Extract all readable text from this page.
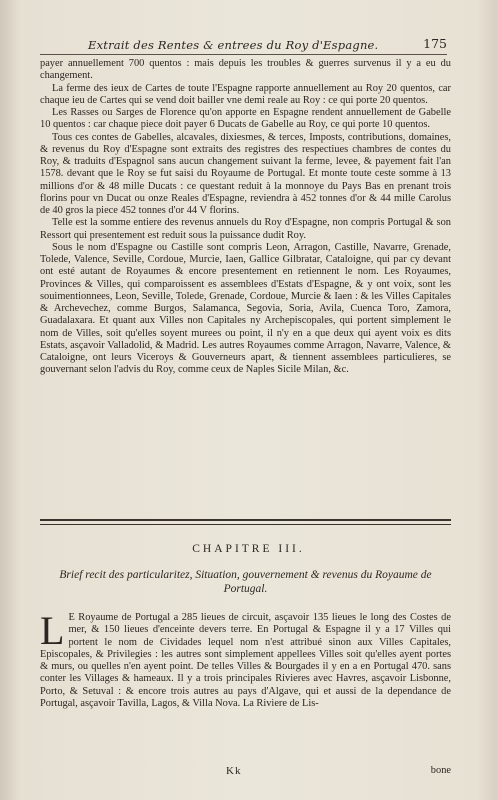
Extrait des Rentes & entrees du Roy d'Espagne.	175

payer annuellement 700 quentos : mais depuis les troubles & guerres survenus il y a eu du changement.

La ferme des ieux de Cartes de toute l'Espagne rapporte annuellement au Roy 20 quentos, car chaque ieu de Cartes qui se vend doit bailler vne demi reale au Roy : ce qui porte 20 quentos.

Les Rasses ou Sarges de Florence qu'on apporte en Espagne rendent annuellement de Gabelle 10 quentos : car chaque piece doit payer 6 Ducats de Gabelle au Roy, ce qui porte 10 quentos.

Tous ces contes de Gabelles, alcavales, dixiesmes, & terces, Imposts, contributions, domaines, & revenus du Roy d'Espagne sont extraits des registres des respectiues chambres de contes du Roy, & traduits d'Espagnol sans aucun changement suivant la ferme, levee, & payement fait l'an 1578. devant que le Roy se fut saisi du Royaume de Portugal. Et monte toute ceste somme à 13 millions d'or & 48 mille Ducats : ce questant reduit à la monnoye du Pays Bas en prenant trois florins pour vn Ducat ou onze Reales d'Espagne, reviendra à 452 tonnes d'or & 44 mille Carolus de 40 gros la piece 452 tonnes d'or 44 V florins.

Telle est la somme entiere des revenus annuels du Roy d'Espagne, non compris Portugal & son Ressort qui presentement est reduit sous la puissance dudit Roy.

Sous le nom d'Espagne ou Castille sont compris Leon, Arragon, Castille, Navarre, Grenade, Tolede, Valence, Seville, Cordoue, Murcie, Iaen, Gallice Gilbratar, Cataloigne, qui par cy devant ont esté autant de Royaumes & encore presentement en retiennent le nom. Les Royaumes, Provinces & Villes, qui comparoissent es assemblees d'Estats d'Espagne, & y ont voix, sont les souimentionnees, Leon, Seville, Tolede, Grenade, Cordoue, Murcie & Iaen : & les Villes Capitales & Archevechez, comme Burgos, Salamanca, Segovia, Soria, Avila, Cuenca Toro, Zamora, Guadalaxara. Et quant aux Villes non Capitales ny Archepiscopales, qui portent simplement le nom de Villes, soit qu'elles soyent murees ou point, il n'y en a que deux qui ayent voix es dits Estats, asçavoir Valladolid, & Madrid. Les autres Royaumes comme Arragon, Navarre, Valence, & Cataloigne, ont leurs Viceroys & Gouverneurs apart, & tiennent assemblees particulieres, se gouvernant selon l'advis du Roy, comme ceux de Naples Sicile Milan, &c.

CHAPITRE III.
Brief recit des particularitez, Situation, gouvernement & revenus du Royaume de Portugal.
L E Royaume de Portugal a 285 lieues de circuit, asçavoir 135 lieues le long des Costes de mer, & 150 lieues d'enceinte devers terre. En Portugal & Espagne il y a 17 Villes qui portent le nom de Cividades lequel nom n'est attribué sinon aux Villes Capitales, Episcopales, & Privilegies : les autres sont simplement appellees Villes soit qu'elles ayent portes & murs, ou quelles n'en ayent point. De telles Villes & Bourgades il y en a en Portugal 470. sans conter les Villages & hameaux. Il y a trois principales Rivieres avec Havres, asçavoir Lisbonne, Porto, & Setuval : & encore trois autres au pays d'Algave, qui et aussi de la dependance de Portugal, asçavoir Tavilla, Lagos, & Villa Nova. La Riviere de Lis-
Kk	bone
